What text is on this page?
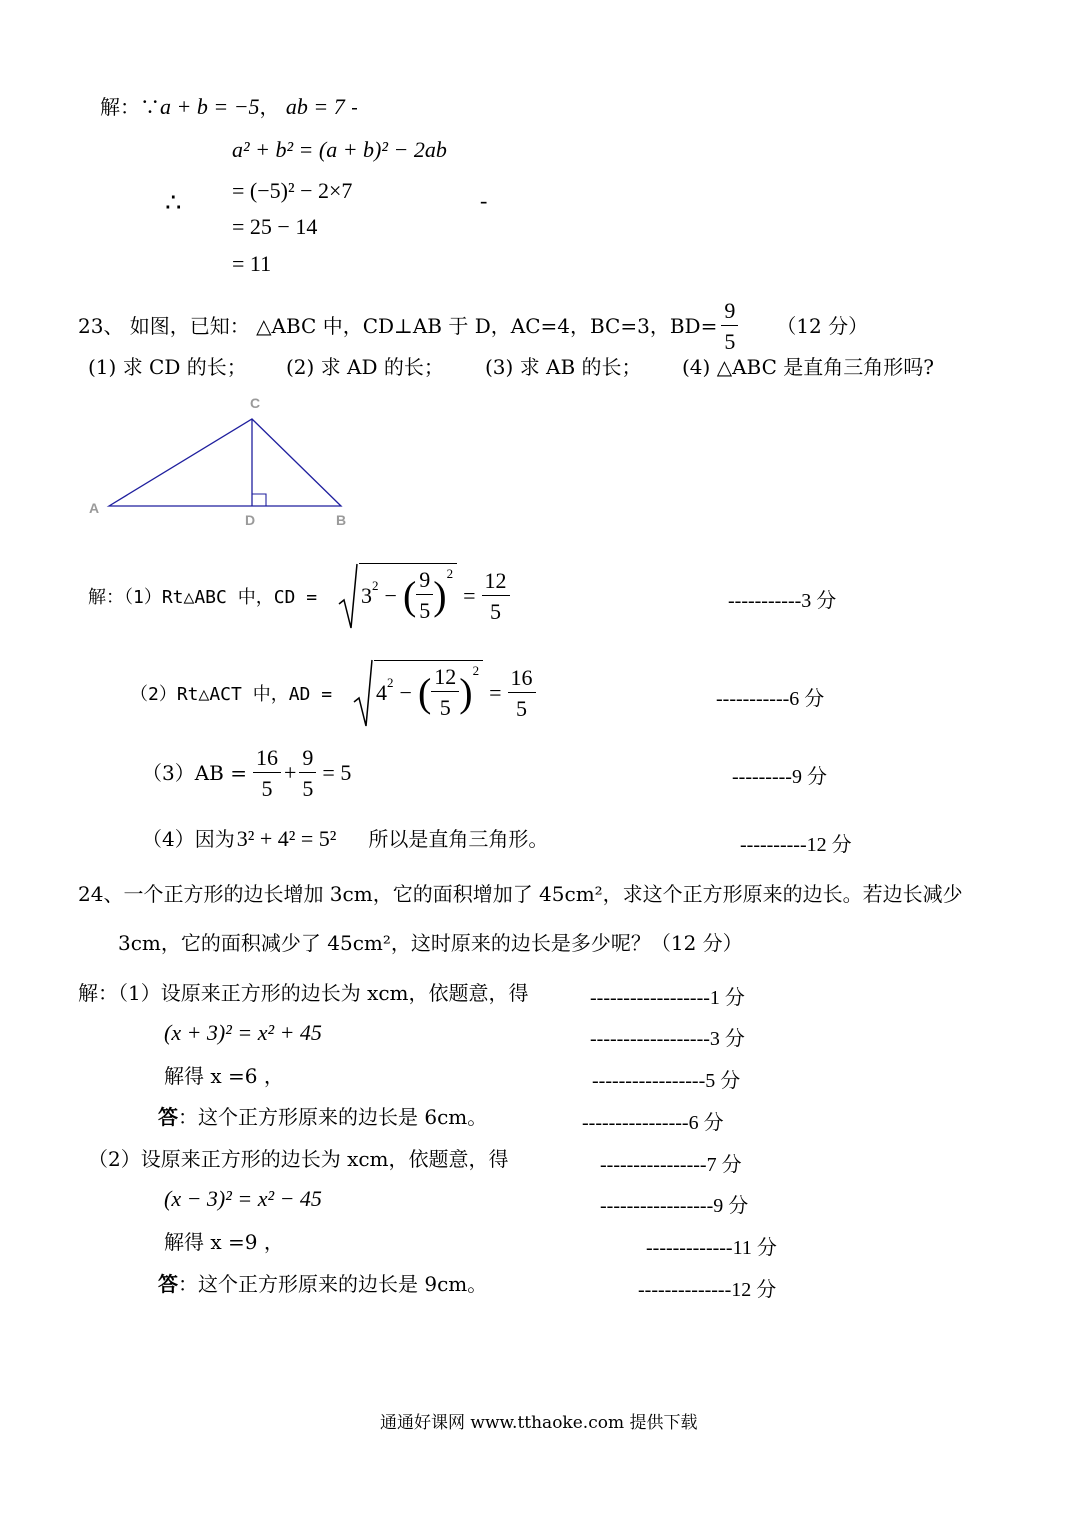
解：∵a + b = −5， ab = 7 -
a² + b² = (a + b)² − 2ab
∴ = (−5)² − 2×7	-
= 25 − 14
= 11
23、 如图，已知： △ABC 中，CD⊥AB 于 D，AC=4，BC=3，$BD= \frac{9}{5} (12$ 分）
(1) 求 CD 的长； (2) 求 AD 的长； (3) 求 AB 的长； (4) △ABC 是直角三角形吗?
C
A
D	B
解：（1）Rt△ABC 中，CD = 3 2 − ( $\frac{9}{5}$ ) 2
= $\frac{12}{5}$	-----------3 分
（2）Rt△ACT 中，AD = 4 2 − ( $\frac{12}{5}$ ) 2
= $\frac{16}{5}$	-----------6 分
$(3)AB = \frac{16}{5} + \frac{9}{5} = 5$	---------9 分
（4）因为 3² + 4² = 5² 所以是直角三角形。	----------12 分
24、一个正方形的边长增加 3cm，它的面积增加了 45cm²，求这个正方形原来的边长。若边长减少
3cm，它的面积减少了 45cm²，这时原来的边长是多少呢？（12 分）
解：（1）设原来正方形的边长为 xcm，依题意，得	------------------1 分
(x + 3)² = x² + 45	------------------3 分
解得 x =6 ，	-----------------5 分
答：这个正方形原来的边长是 6cm。	----------------6 分
（2）设原来正方形的边长为 xcm，依题意，得	----------------7 分
(x − 3)² = x² − 45	-----------------9 分
解得 x =9 ，	-------------11 分
答：这个正方形原来的边长是 9cm。	--------------12 分
通通好课网 www.tthaoke.com 提供下载
